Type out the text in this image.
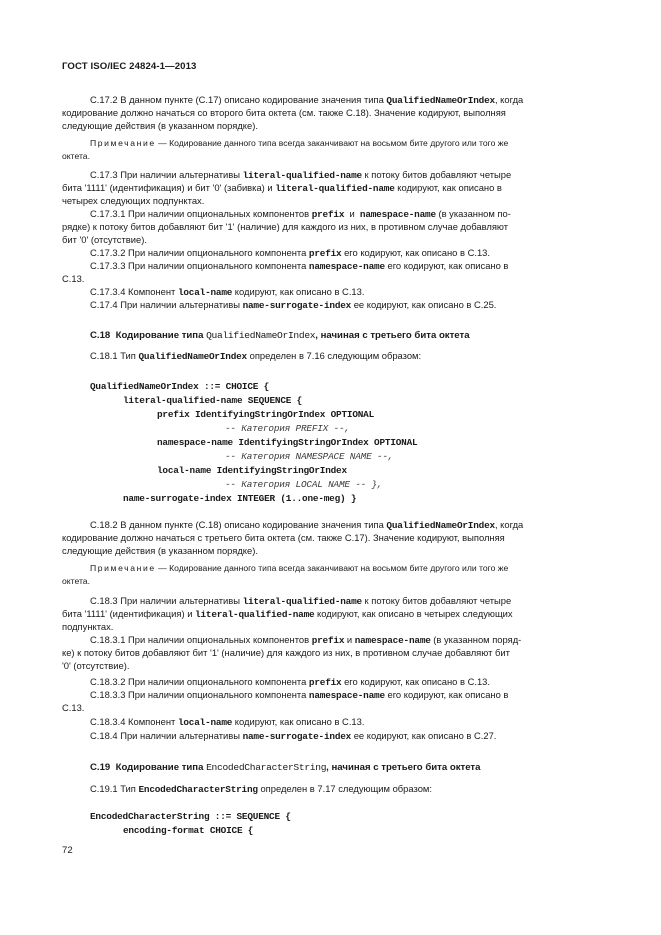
ГОСТ ISO/IEC 24824-1—2013
C.17.2 В данном пункте (C.17) описано кодирование значения типа QualifiedNameOrIndex, когда
кодирование должно начаться со второго бита октета (см. также C.18). Значение кодируют, выполняя
следующие действия (в указанном порядке).
Примечание — Кодирование данного типа всегда заканчивают на восьмом бите другого или того же
октета.
C.17.3 При наличии альтернативы literal-qualified-name к потоку битов добавляют четыре
бита '1111' (идентификация) и бит '0' (забивка) и literal-qualified-name кодируют, как описано в
четырех следующих подпунктах.
C.17.3.1 При наличии опциональных компонентов prefix  и  namespace-name (в указанном по-
рядке) к потоку битов добавляют бит '1' (наличие) для каждого из них, в противном случае добавляют
бит '0' (отсутствие).
C.17.3.2 При наличии опционального компонента prefix его кодируют, как описано в C.13.
C.17.3.3 При наличии опционального компонента namespace-name его кодируют, как описано в
C.13.
C.17.3.4 Компонент local-name кодируют, как описано в C.13.
C.17.4 При наличии альтернативы name-surrogate-index ее кодируют, как описано в C.25.
C.18  Кодирование типа QualifiedNameOrIndex, начиная с третьего бита октета
C.18.1 Тип QualifiedNameOrIndex определен в 7.16 следующим образом:
QualifiedNameOrIndex ::= CHOICE {
literal-qualified-name SEQUENCE {
prefix IdentifyingStringOrIndex OPTIONAL
-- Категория PREFIX --,
namespace-name IdentifyingStringOrIndex OPTIONAL
-- Категория NAMESPACE NAME --,
local-name IdentifyingStringOrIndex
-- Категория LOCAL NAME -- },
name-surrogate-index INTEGER (1..one-meg) }
C.18.2 В данном пункте (C.18) описано кодирование значения типа QualifiedNameOrIndex, когда
кодирование должно начаться с третьего бита октета (см. также C.17). Значение кодируют, выполняя
следующие действия (в указанном порядке).
Примечание — Кодирование данного типа всегда заканчивают на восьмом бите другого или того же
октета.
C.18.3 При наличии альтернативы literal-qualified-name к потоку битов добавляют четыре
бита '1111' (идентификация) и literal-qualified-name кодируют, как описано в четырех следующих
подпунктах.
C.18.3.1 При наличии опциональных компонентов prefix и namespace-name (в указанном поряд-
ке) к потоку битов добавляют бит '1' (наличие) для каждого из них, в противном случае добавляют бит
'0' (отсутствие).
C.18.3.2 При наличии опционального компонента prefix его кодируют, как описано в C.13.
C.18.3.3 При наличии опционального компонента namespace-name его кодируют, как описано в
C.13.
C.18.3.4 Компонент local-name кодируют, как описано в C.13.
C.18.4 При наличии альтернативы name-surrogate-index ее кодируют, как описано в C.27.
C.19  Кодирование типа EncodedCharacterString, начиная с третьего бита октета
C.19.1 Тип EncodedCharacterString определен в 7.17 следующим образом:
EncodedCharacterString ::= SEQUENCE {
encoding-format CHOICE {
72
